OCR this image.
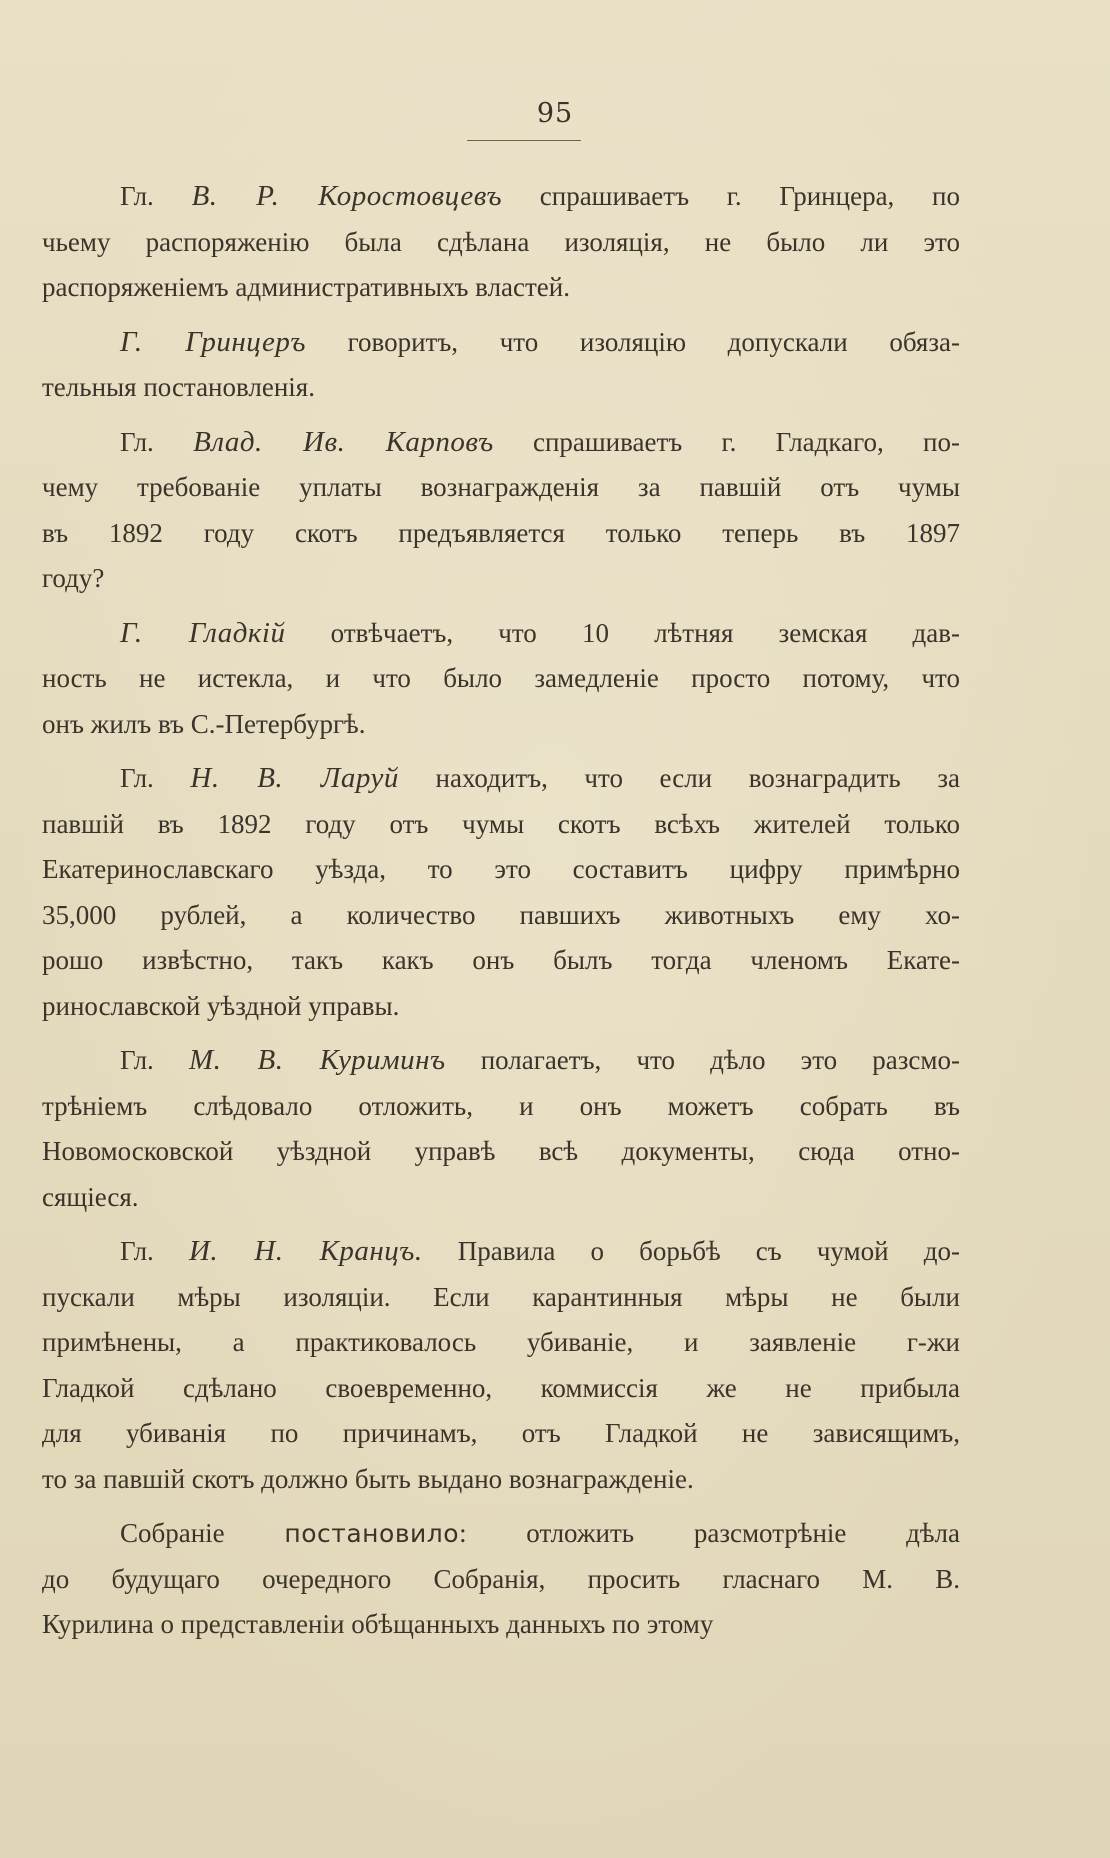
95
Гл. В. Р. Коростовцевъ спрашиваетъ г. Гринцера, по
чьему распоряженію была сдѣлана изоляція, не было ли это
распоряженіемъ административныхъ властей.
Г. Гринцеръ говоритъ, что изоляцію допускали обяза-
тельныя постановленія.
Гл. Влад. Ив. Карповъ спрашиваетъ г. Гладкаго, по-
чему требованіе уплаты вознагражденія за павшій отъ чумы
въ 1892 году скотъ предъявляется только теперь въ 1897
году?
Г. Гладкій отвѣчаетъ, что 10 лѣтняя земская дав-
ность не истекла, и что было замедленіе просто потому, что
онъ жилъ въ С.-Петербургѣ.
Гл. Н. В. Ларуй находитъ, что если вознаградить за
павшій въ 1892 году отъ чумы скотъ всѣхъ жителей только
Екатеринославскаго уѣзда, то это составитъ цифру примѣрно
35,000 рублей, а количество павшихъ животныхъ ему хо-
рошо извѣстно, такъ какъ онъ былъ тогда членомъ Екате-
ринославской уѣздной управы.
Гл. М. В. Куриминъ полагаетъ, что дѣло это разсмо-
трѣніемъ слѣдовало отложить, и онъ можетъ собрать въ
Новомосковской уѣздной управѣ всѣ документы, сюда отно-
сящіеся.
Гл. И. Н. Кранцъ. Правила о борьбѣ съ чумой до-
пускали мѣры изоляціи. Если карантинныя мѣры не были
примѣнены, а практиковалось убиваніе, и заявленіе г-жи
Гладкой сдѣлано своевременно, коммиссія же не прибыла
для убиванія по причинамъ, отъ Гладкой не зависящимъ,
то за павшій скотъ должно быть выдано вознагражденіе.
Собраніе постановило: отложить разсмотрѣніе дѣла
до будущаго очередного Собранія, просить гласнаго М. В.
Курилина о представленіи обѣщанныхъ данныхъ по этому
